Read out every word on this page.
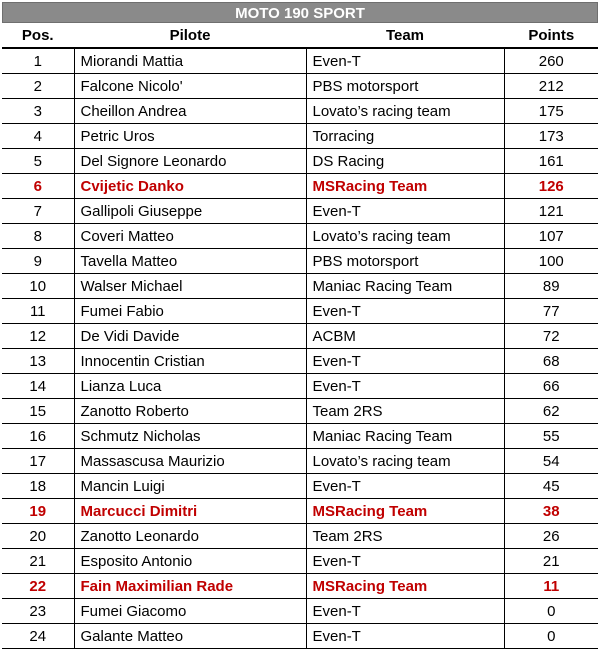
MOTO 190 SPORT
Pos.	Pilote	Team	Points
1	Miorandi Mattia	Even-T	260
2	Falcone Nicolo'	PBS motorsport	212
3	Cheillon Andrea	Lovato’s racing team	175
4	Petric Uros	Torracing	173
5	Del Signore Leonardo	DS Racing	161
6	Cvijetic Danko	MSRacing Team	126
7	Gallipoli Giuseppe	Even-T	121
8	Coveri Matteo	Lovato’s racing team	107
9	Tavella Matteo	PBS motorsport	100
10	Walser Michael	Maniac Racing Team	89
11	Fumei Fabio	Even-T	77
12	De Vidi Davide	ACBM	72
13	Innocentin Cristian	Even-T	68
14	Lianza Luca	Even-T	66
15	Zanotto Roberto	Team 2RS	62
16	Schmutz Nicholas	Maniac Racing Team	55
17	Massascusa Maurizio	Lovato’s racing team	54
18	Mancin Luigi	Even-T	45
19	Marcucci Dimitri	MSRacing Team	38
20	Zanotto Leonardo	Team 2RS	26
21	Esposito Antonio	Even-T	21
22	Fain Maximilian Rade	MSRacing Team	11
23	Fumei Giacomo	Even-T	0
24	Galante Matteo	Even-T	0
